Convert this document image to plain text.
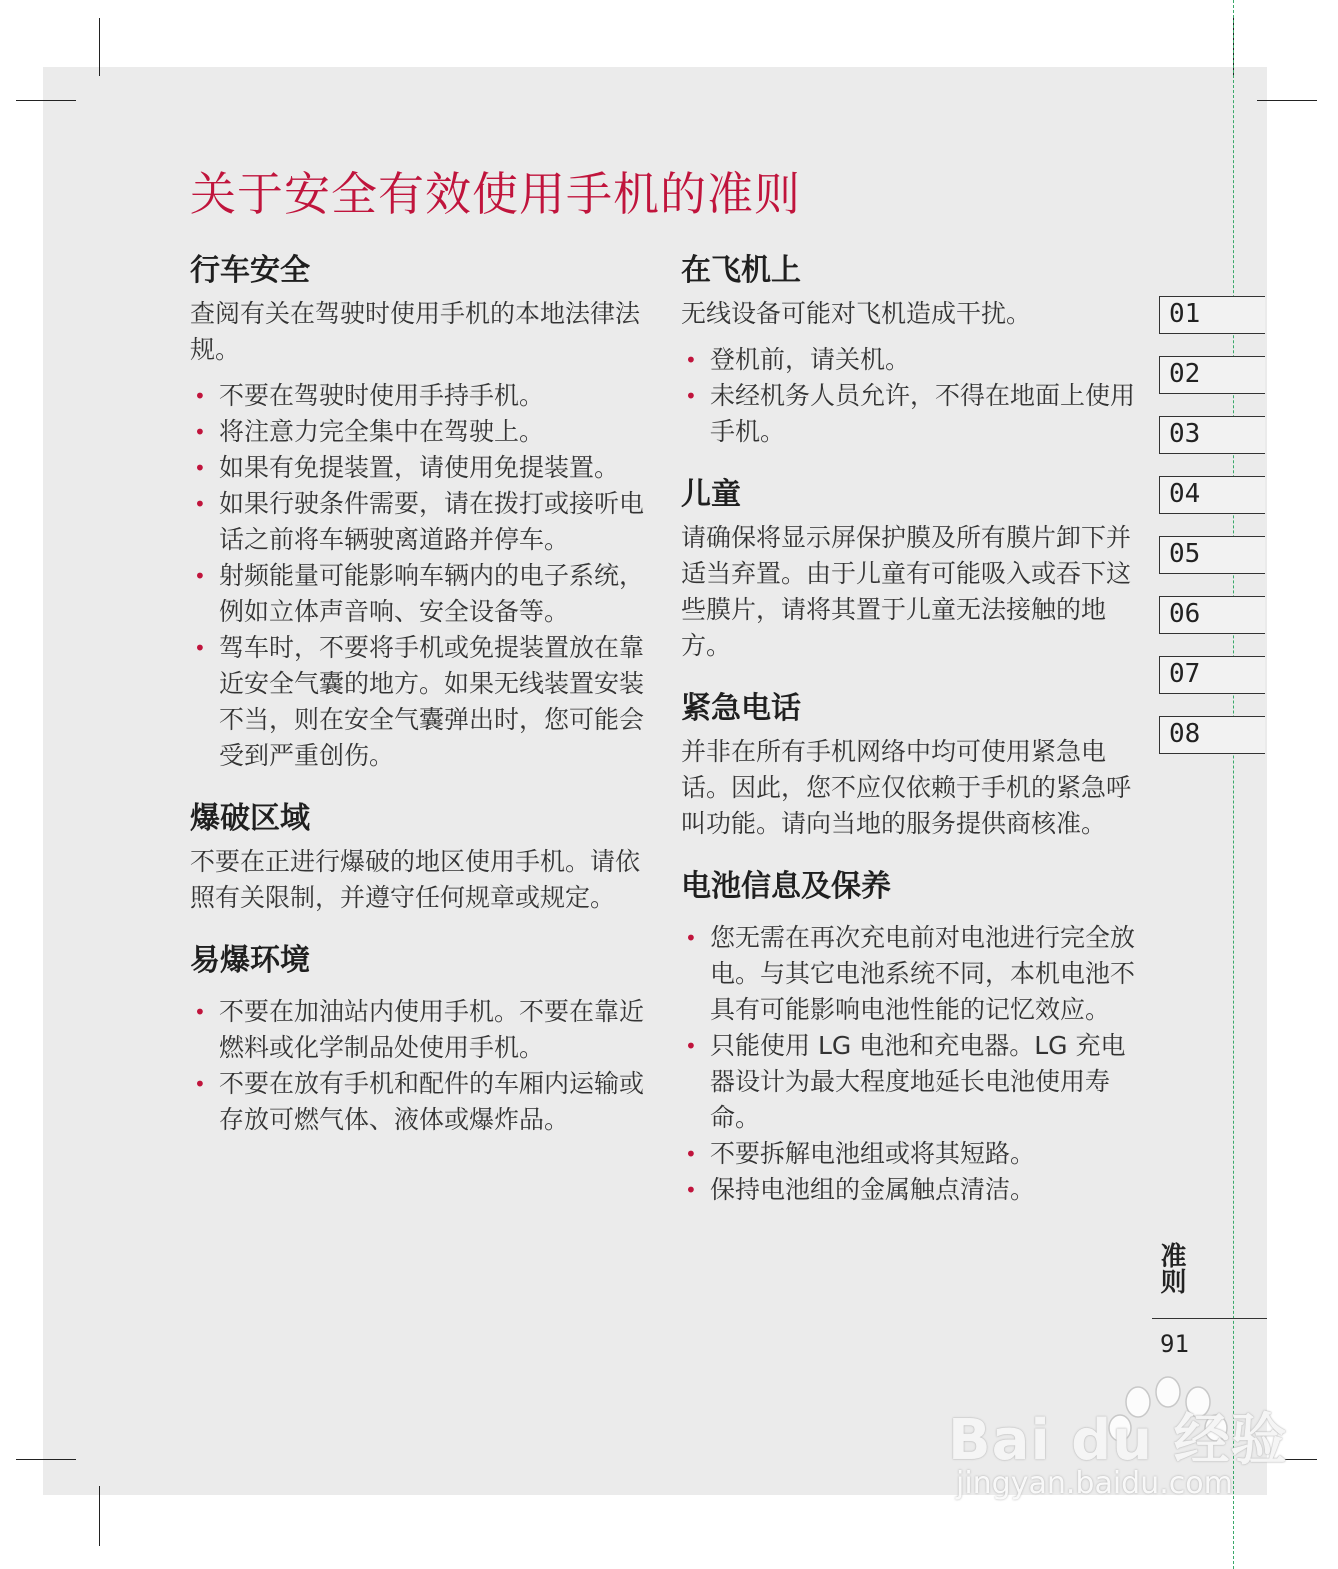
关于安全有效使用手机的准则
行车安全

查阅有关在驾驶时使用手机的本地法律法规。

• 不要在驾驶时使用手持手机。
• 将注意力完全集中在驾驶上。
• 如果有免提装置，请使用免提装置。
• 如果行驶条件需要，请在拨打或接听电话之前将车辆驶离道路并停车。
• 射频能量可能影响车辆内的电子系统，例如立体声音响、安全设备等。
• 驾车时，不要将手机或免提装置放在靠近安全气囊的地方。如果无线装置安装不当，则在安全气囊弹出时，您可能会受到严重创伤。
爆破区域

不要在正进行爆破的地区使用手机。请依照有关限制，并遵守任何规章或规定。

易爆环境
• 不要在加油站内使用手机。不要在靠近燃料或化学制品处使用手机。
• 不要在放有手机和配件的车厢内运输或存放可燃气体、液体或爆炸品。
在飞机上

无线设备可能对飞机造成干扰。

• 登机前，请关机。
• 未经机务人员允许，不得在地面上使用手机。
儿童

请确保将显示屏保护膜及所有膜片卸下并适当弃置。由于儿童有可能吸入或吞下这些膜片，请将其置于儿童无法接触的地方。

紧急电话

并非在所有手机网络中均可使用紧急电话。因此，您不应仅依赖于手机的紧急呼叫功能。请向当地的服务提供商核准。

电池信息及保养
• 您无需在再次充电前对电池进行完全放电。与其它电池系统不同，本机电池不具有可能影响电池性能的记忆效应。
• 只能使用 LG 电池和充电器。LG 充电器设计为最大程度地延长电池使用寿命。
• 不要拆解电池组或将其短路。
• 保持电池组的金属触点清洁。
01
02
03
04
05
06
07
08
准则
91
Bai du 经验
jingyan.baidu.com
